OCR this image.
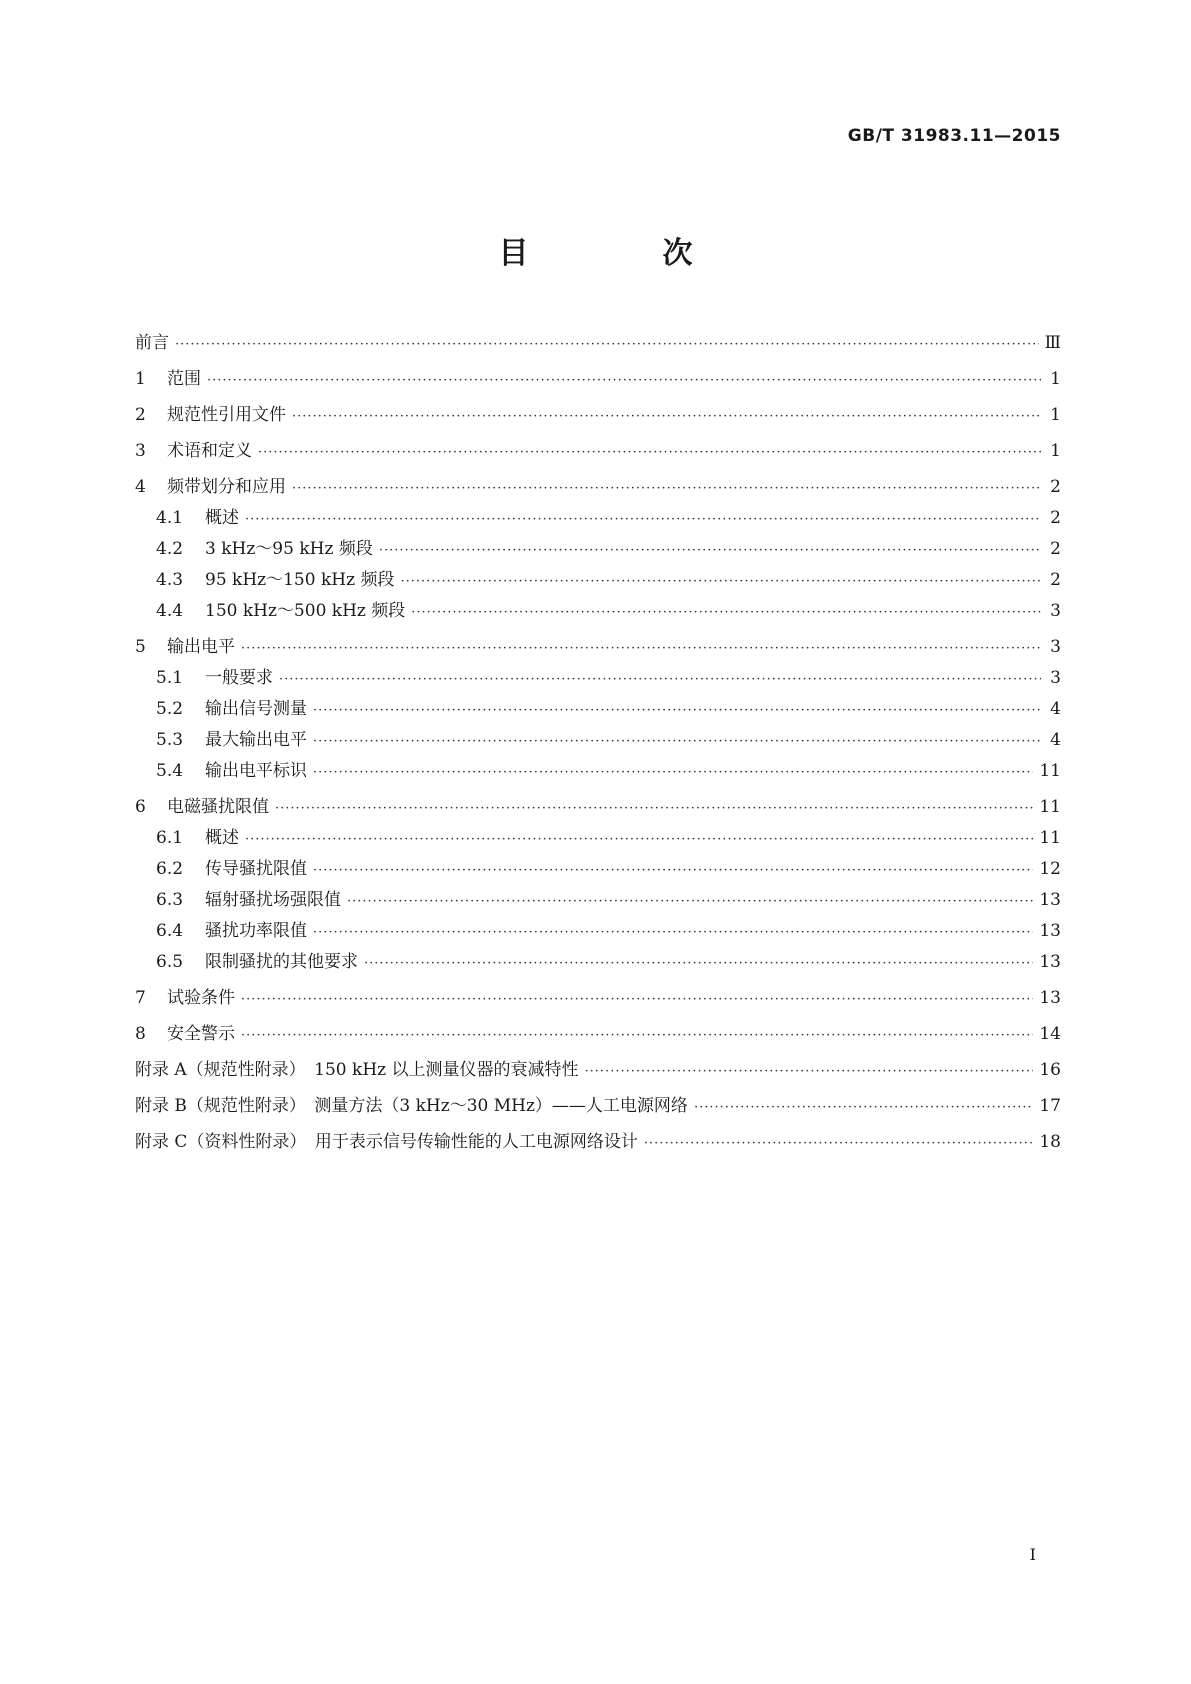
GB/T 31983.11—2015
目　次
前言 ·····	Ⅲ
1	范围 ·····	1
2	规范性引用文件 ·····	1
3	术语和定义 ·····	1
4	频带划分和应用 ·····	2
4.1	概述 ·····	2
4.2	3 kHz～95 kHz 频段 ·····	2
4.3	95 kHz～150 kHz 频段 ·····	2
4.4	150 kHz～500 kHz 频段 ·····	3
5	输出电平 ·····	3
5.1	一般要求 ·····	3
5.2	输出信号测量 ·····	4
5.3	最大输出电平 ·····	4
5.4	输出电平标识 ·····	11
6	电磁骚扰限值 ·····	11
6.1	概述 ·····	11
6.2	传导骚扰限值 ·····	12
6.3	辐射骚扰场强限值 ·····	13
6.4	骚扰功率限值 ·····	13
6.5	限制骚扰的其他要求 ·····	13
7	试验条件 ·····	13
8	安全警示 ·····	14
附录 A（规范性附录）　150 kHz 以上测量仪器的衰减特性 ·····	16
附录 B（规范性附录）　测量方法（3 kHz～30 MHz）——人工电源网络 ·····	17
附录 C（资料性附录）　用于表示信号传输性能的人工电源网络设计 ·····	18
I
